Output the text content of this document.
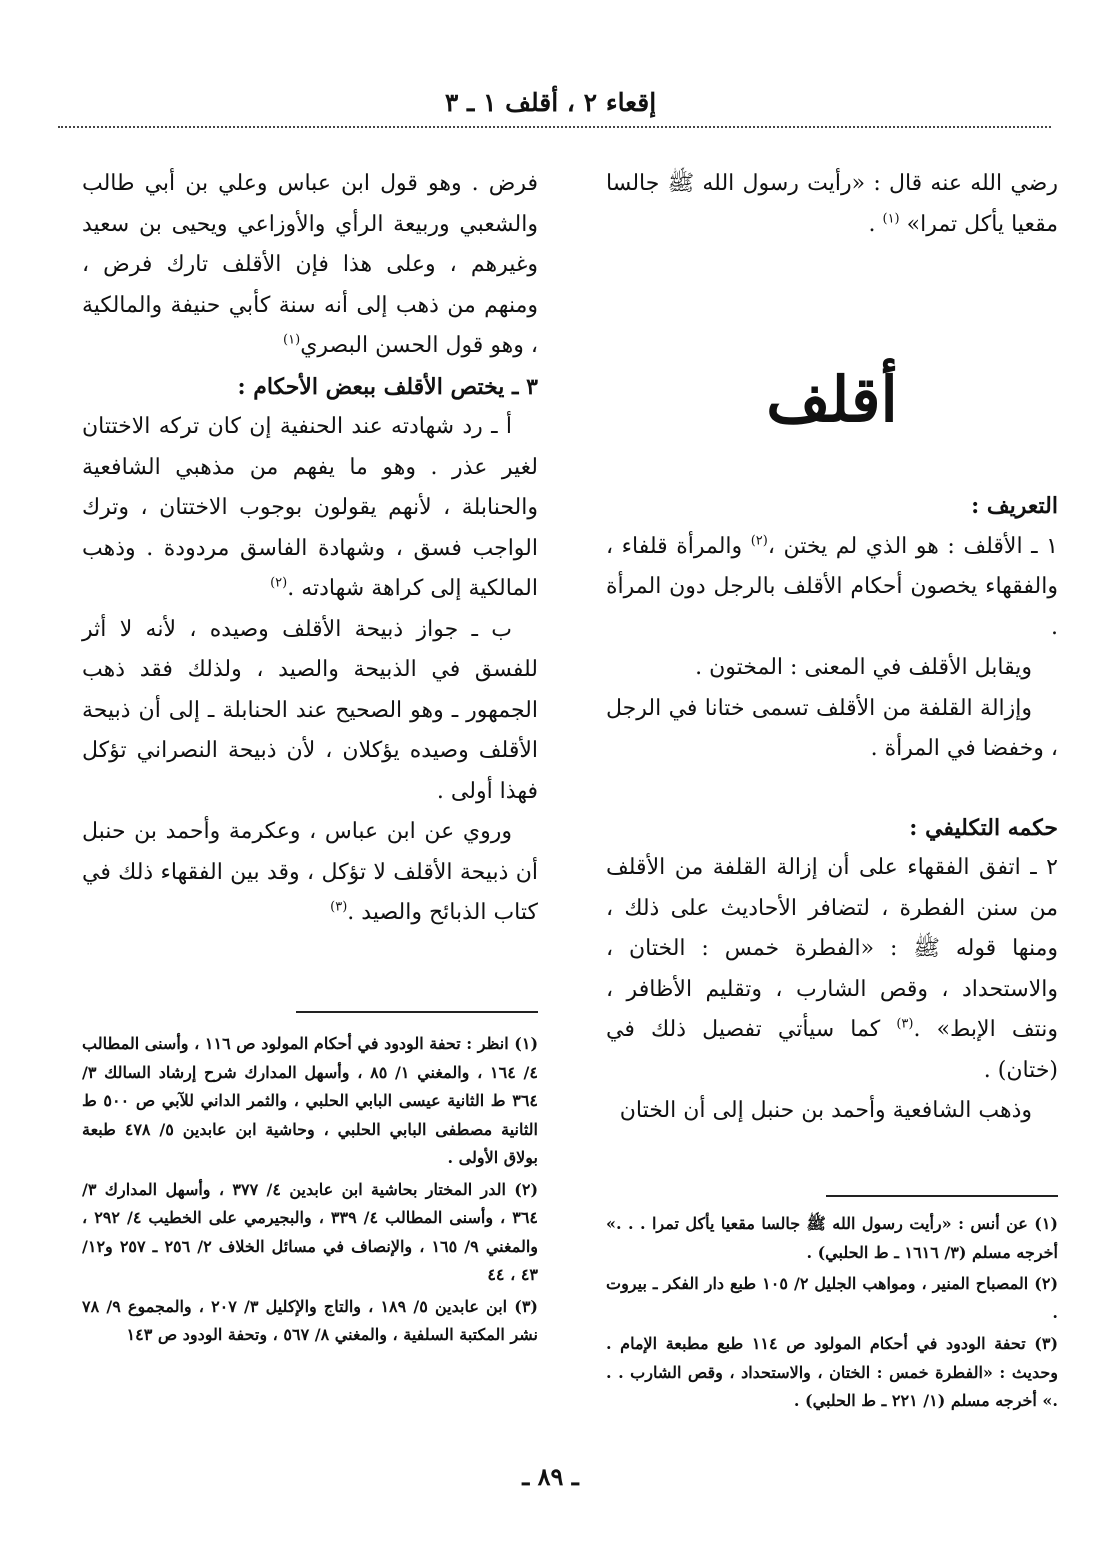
إقعاء ٢ ، أقلف ١ ـ ٣

رضي الله عنه قال : «رأيت رسول الله ﷺ جالسا مقعيا يأكل تمرا» $^{(١)}$ .

أقلف

التعريف :

١ ـ الأقلف : هو الذي لم يختن ،$^{(٢)}$ والمرأة قلفاء ، والفقهاء يخصون أحكام الأقلف بالرجل دون المرأة .

ويقابل الأقلف في المعنى : المختون .

وإزالة القلفة من الأقلف تسمى ختانا في الرجل ، وخفضا في المرأة .

حكمه التكليفي :

٢ ـ اتفق الفقهاء على أن إزالة القلفة من الأقلف من سنن الفطرة ، لتضافر الأحاديث على ذلك ، ومنها قوله ﷺ : «الفطرة خمس : الختان ، والاستحداد ، وقص الشارب ، وتقليم الأظافر ، ونتف الإبط» .$^{(٣)}$ كما سيأتي تفصيل ذلك في (ختان) .

وذهب الشافعية وأحمد بن حنبل إلى أن الختان

فرض . وهو قول ابن عباس وعلي بن أبي طالب والشعبي وربيعة الرأي والأوزاعي ويحيى بن سعيد وغيرهم ، وعلى هذا فإن الأقلف تارك فرض ، ومنهم من ذهب إلى أنه سنة كأبي حنيفة والمالكية ، وهو قول الحسن البصري$^{(١)}$

٣ ـ يختص الأقلف ببعض الأحكام :

أ ـ رد شهادته عند الحنفية إن كان تركه الاختتان لغير عذر . وهو ما يفهم من مذهبي الشافعية والحنابلة ، لأنهم يقولون بوجوب الاختتان ، وترك الواجب فسق ، وشهادة الفاسق مردودة . وذهب المالكية إلى كراهة شهادته .$^{(٢)}$

ب ـ جواز ذبيحة الأقلف وصيده ، لأنه لا أثر للفسق في الذبيحة والصيد ، ولذلك فقد ذهب الجمهور ـ وهو الصحيح عند الحنابلة ـ إلى أن ذبيحة الأقلف وصيده يؤكلان ، لأن ذبيحة النصراني تؤكل فهذا أولى .

وروي عن ابن عباس ، وعكرمة وأحمد بن حنبل أن ذبيحة الأقلف لا تؤكل ، وقد بين الفقهاء ذلك في كتاب الذبائح والصيد .$^{(٣)}$

(١) انظر : تحفة الودود في أحكام المولود ص ١١٦ ، وأسنى المطالب ٤/ ١٦٤ ، والمغني ١/ ٨٥ ، وأسهل المدارك شرح إرشاد السالك ٣/ ٣٦٤ ط الثانية عيسى البابي الحلبي ، والثمر الداني للآبي ص ٥٠٠ ط الثانية مصطفى البابي الحلبي ، وحاشية ابن عابدين ٥/ ٤٧٨ طبعة بولاق الأولى .

(٢) الدر المختار بحاشية ابن عابدين ٤/ ٣٧٧ ، وأسهل المدارك ٣/ ٣٦٤ ، وأسنى المطالب ٤/ ٣٣٩ ، والبجيرمي على الخطيب ٤/ ٢٩٢ ، والمغني ٩/ ١٦٥ ، والإنصاف في مسائل الخلاف ٢/ ٢٥٦ ـ ٢٥٧ و١٢/ ٤٣ ، ٤٤

(٣) ابن عابدين ٥/ ١٨٩ ، والتاج والإكليل ٣/ ٢٠٧ ، والمجموع ٩/ ٧٨ نشر المكتبة السلفية ، والمغني ٨/ ٥٦٧ ، وتحفة الودود ص ١٤٣

(١) عن أنس : «رأيت رسول الله ﷺ جالسا مقعيا يأكل تمرا . . .» أخرجه مسلم (٣/ ١٦١٦ ـ ط الحلبي) .

(٢) المصباح المنير ، ومواهب الجليل ٢/ ١٠٥ طبع دار الفكر ـ بيروت .

(٣) تحفة الودود في أحكام المولود ص ١١٤ طبع مطبعة الإمام . وحديث : «الفطرة خمس : الختان ، والاستحداد ، وقص الشارب . . .» أخرجه مسلم (١/ ٢٢١ ـ ط الحلبي) .

ـ ٨٩ ـ
